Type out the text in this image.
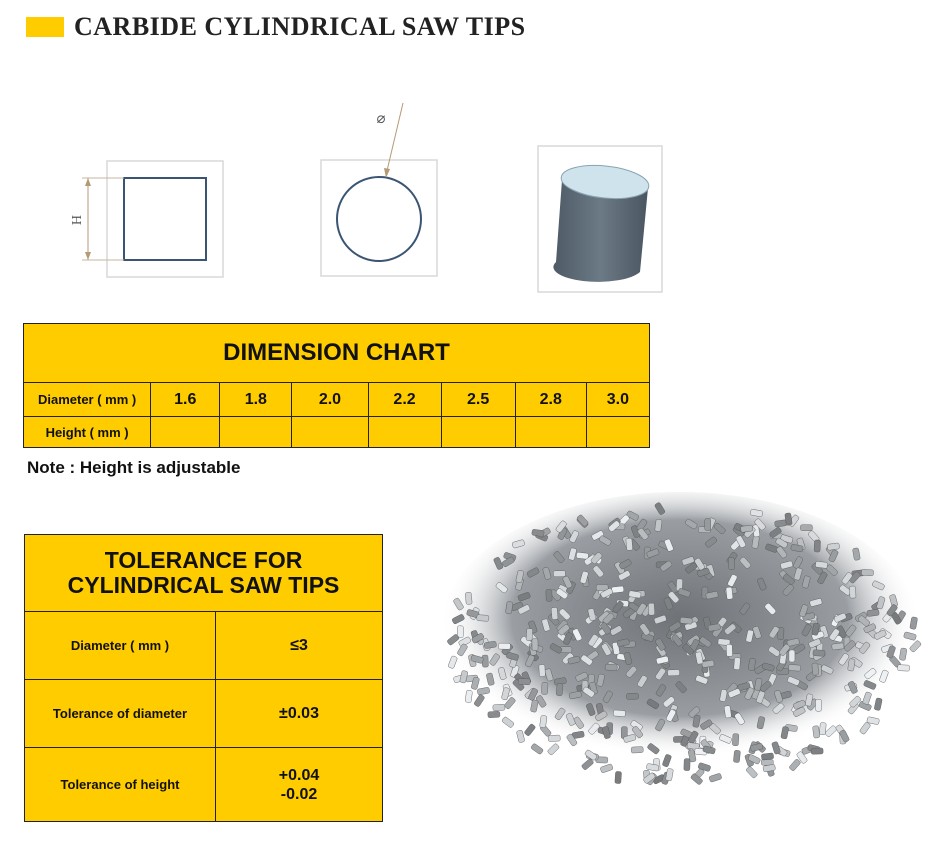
CARBIDE CYLINDRICAL SAW TIPS
H
⌀
DIMENSION CHART							
Diameter ( mm )	1.6	1.8	2.0	2.2	2.5	2.8	3.0
Height ( mm )							
Note : Height is adjustable
TOLERANCE FOR
CYLINDRICAL SAW TIPS	

Diameter ( mm )	≤3
Tolerance of diameter	±0.03
Tolerance of height	+0.04
-0.02
